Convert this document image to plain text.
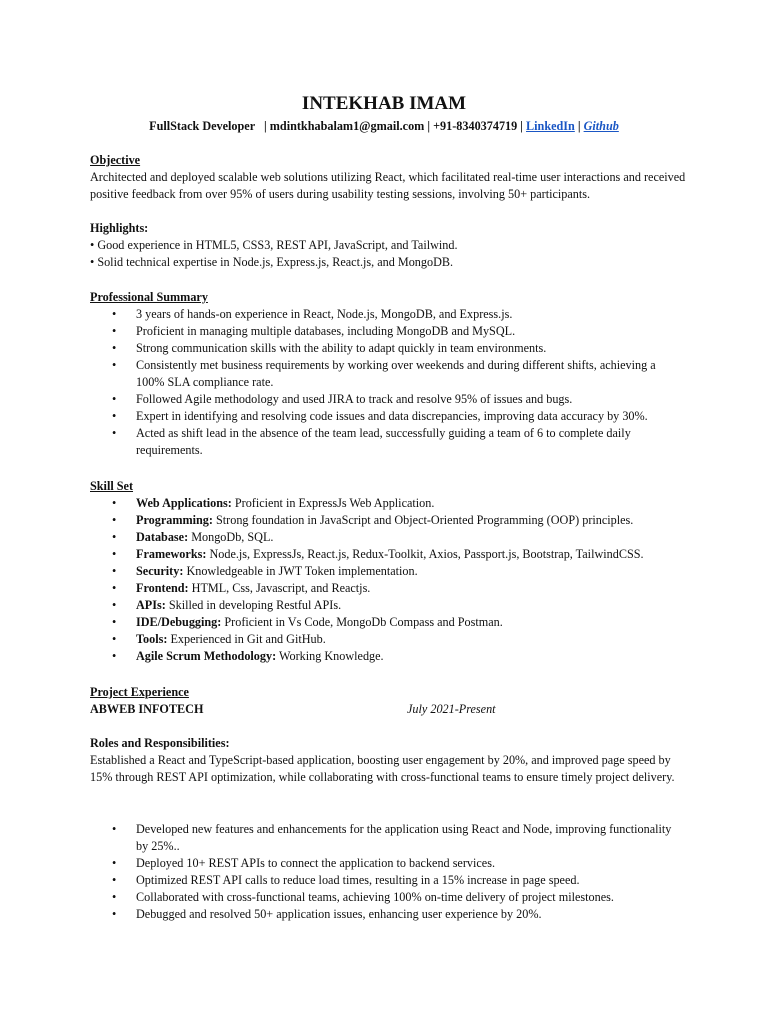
INTEKHAB IMAM
FullStack Developer   | mdintkhabalam1@gmail.com | +91-8340374719 | LinkedIn | Github
Objective
Architected and deployed scalable web solutions utilizing React, which facilitated real-time user interactions and received positive feedback from over 95% of users during usability testing sessions, involving 50+ participants.
Highlights:
• Good experience in HTML5, CSS3, REST API, JavaScript, and Tailwind.
• Solid technical expertise in Node.js, Express.js, React.js, and MongoDB.
Professional Summary
• 3 years of hands-on experience in React, Node.js, MongoDB, and Express.js.
• Proficient in managing multiple databases, including MongoDB and MySQL.
• Strong communication skills with the ability to adapt quickly in team environments.
• Consistently met business requirements by working over weekends and during different shifts, achieving a 100% SLA compliance rate.
• Followed Agile methodology and used JIRA to track and resolve 95% of issues and bugs.
• Expert in identifying and resolving code issues and data discrepancies, improving data accuracy by 30%.
• Acted as shift lead in the absence of the team lead, successfully guiding a team of 6 to complete daily requirements.
Skill Set
• Web Applications: Proficient in ExpressJs Web Application.
• Programming: Strong foundation in JavaScript and Object-Oriented Programming (OOP) principles.
• Database: MongoDb, SQL.
• Frameworks: Node.js, ExpressJs, React.js, Redux-Toolkit, Axios, Passport.js, Bootstrap, TailwindCSS.
• Security: Knowledgeable in JWT Token implementation.
• Frontend: HTML, Css, Javascript, and Reactjs.
• APIs: Skilled in developing Restful APIs.
• IDE/Debugging: Proficient in Vs Code, MongoDb Compass and Postman.
• Tools: Experienced in Git and GitHub.
• Agile Scrum Methodology: Working Knowledge.
Project Experience
ABWEB INFOTECH	July 2021-Present
Roles and Responsibilities:
Established a React and TypeScript-based application, boosting user engagement by 20%, and improved page speed by 15% through REST API optimization, while collaborating with cross-functional teams to ensure timely project delivery.
• Developed new features and enhancements for the application using React and Node, improving functionality by 25%..
• Deployed 10+ REST APIs to connect the application to backend services.
• Optimized REST API calls to reduce load times, resulting in a 15% increase in page speed.
• Collaborated with cross-functional teams, achieving 100% on-time delivery of project milestones.
• Debugged and resolved 50+ application issues, enhancing user experience by 20%.
